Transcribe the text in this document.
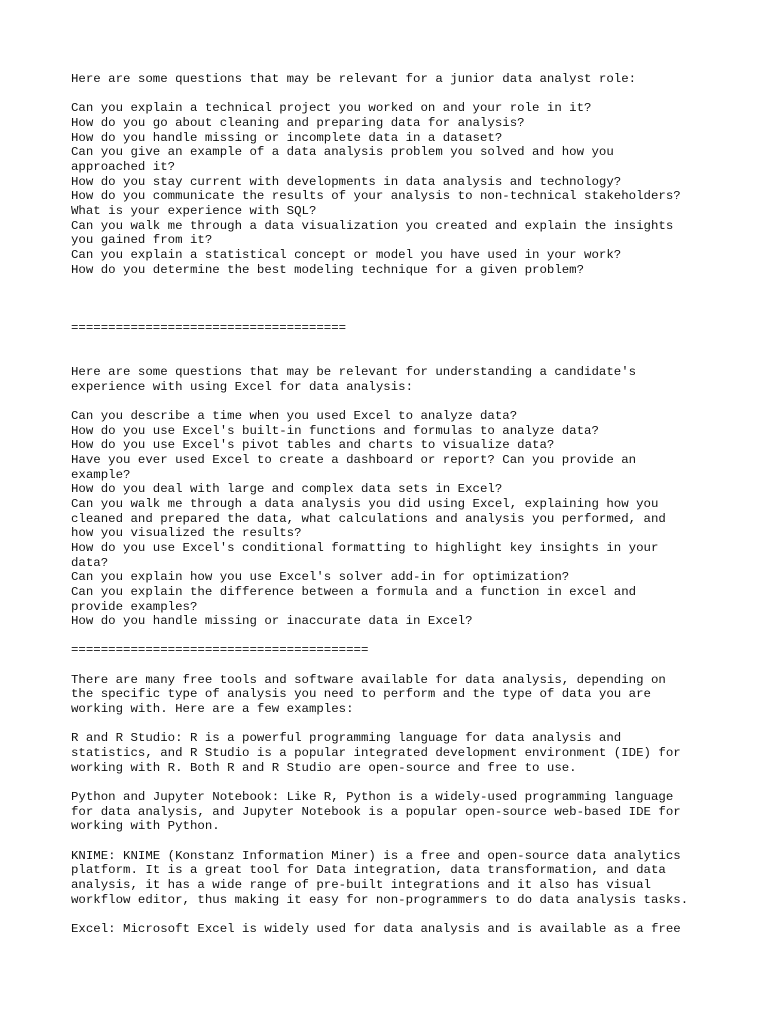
Here are some questions that may be relevant for a junior data analyst role:
Can you explain a technical project you worked on and your role in it?
How do you go about cleaning and preparing data for analysis?
How do you handle missing or incomplete data in a dataset?
Can you give an example of a data analysis problem you solved and how you
approached it?
How do you stay current with developments in data analysis and technology?
How do you communicate the results of your analysis to non-technical stakeholders?
What is your experience with SQL?
Can you walk me through a data visualization you created and explain the insights
you gained from it?
Can you explain a statistical concept or model you have used in your work?
How do you determine the best modeling technique for a given problem?
=====================================
Here are some questions that may be relevant for understanding a candidate's
experience with using Excel for data analysis:
Can you describe a time when you used Excel to analyze data?
How do you use Excel's built-in functions and formulas to analyze data?
How do you use Excel's pivot tables and charts to visualize data?
Have you ever used Excel to create a dashboard or report? Can you provide an
example?
How do you deal with large and complex data sets in Excel?
Can you walk me through a data analysis you did using Excel, explaining how you
cleaned and prepared the data, what calculations and analysis you performed, and
how you visualized the results?
How do you use Excel's conditional formatting to highlight key insights in your
data?
Can you explain how you use Excel's solver add-in for optimization?
Can you explain the difference between a formula and a function in excel and
provide examples?
How do you handle missing or inaccurate data in Excel?
========================================
There are many free tools and software available for data analysis, depending on
the specific type of analysis you need to perform and the type of data you are
working with. Here are a few examples:
R and R Studio: R is a powerful programming language for data analysis and
statistics, and R Studio is a popular integrated development environment (IDE) for
working with R. Both R and R Studio are open-source and free to use.
Python and Jupyter Notebook: Like R, Python is a widely-used programming language
for data analysis, and Jupyter Notebook is a popular open-source web-based IDE for
working with Python.
KNIME: KNIME (Konstanz Information Miner) is a free and open-source data analytics
platform. It is a great tool for Data integration, data transformation, and data
analysis, it has a wide range of pre-built integrations and it also has visual
workflow editor, thus making it easy for non-programmers to do data analysis tasks.
Excel: Microsoft Excel is widely used for data analysis and is available as a free
